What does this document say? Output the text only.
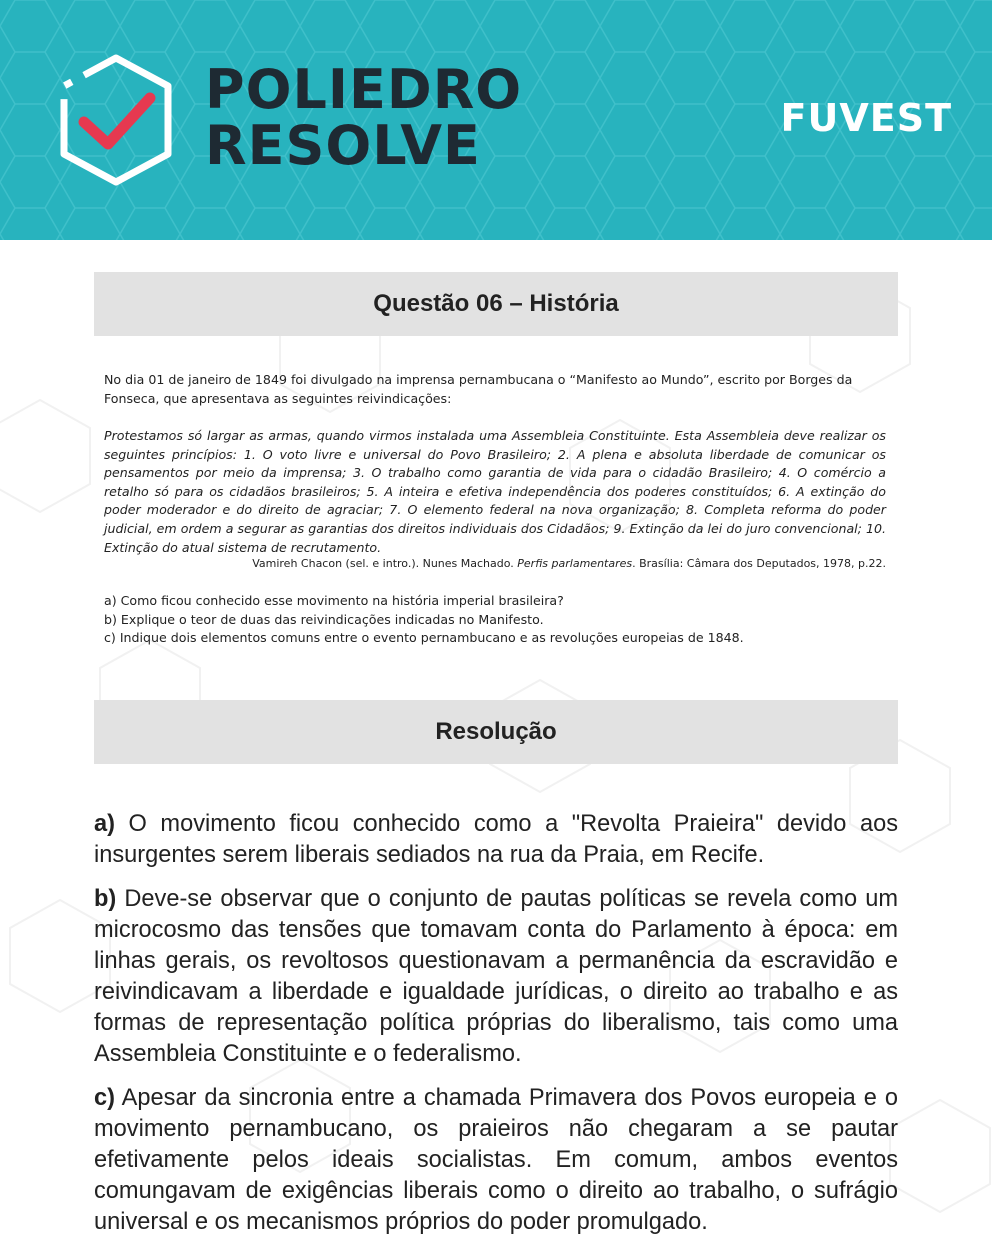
POLIEDRO
RESOLVE	FUVEST
Questão 06 – História
No dia 01 de janeiro de 1849 foi divulgado na imprensa pernambucana o “Manifesto ao Mundo”, escrito por Borges da Fonseca, que apresentava as seguintes reivindicações:
Protestamos só largar as armas, quando virmos instalada uma Assembleia Constituinte. Esta Assembleia deve realizar os seguintes princípios: 1. O voto livre e universal do Povo Brasileiro; 2. A plena e absoluta liberdade de comunicar os pensamentos por meio da imprensa; 3. O trabalho como garantia de vida para o cidadão Brasileiro; 4. O comércio a retalho só para os cidadãos brasileiros; 5. A inteira e efetiva independência dos poderes constituídos; 6. A extinção do poder moderador e do direito de agraciar; 7. O elemento federal na nova organização; 8. Completa reforma do poder judicial, em ordem a segurar as garantias dos direitos individuais dos Cidadãos; 9. Extinção da lei do juro convencional; 10. Extinção do atual sistema de recrutamento.
Vamireh Chacon (sel. e intro.). Nunes Machado. Perfis parlamentares. Brasília: Câmara dos Deputados, 1978, p.22.
a) Como ficou conhecido esse movimento na história imperial brasileira?
b) Explique o teor de duas das reivindicações indicadas no Manifesto.
c) Indique dois elementos comuns entre o evento pernambucano e as revoluções europeias de 1848.
Resolução
a) O movimento ficou conhecido como a "Revolta Praieira" devido aos insurgentes serem liberais sediados na rua da Praia, em Recife.
b) Deve-se observar que o conjunto de pautas políticas se revela como um microcosmo das tensões que tomavam conta do Parlamento à época: em linhas gerais, os revoltosos questionavam a permanência da escravidão e reivindicavam a liberdade e igualdade jurídicas, o direito ao trabalho e as formas de representação política próprias do liberalismo, tais como uma Assembleia Constituinte e o federalismo.
c) Apesar da sincronia entre a chamada Primavera dos Povos europeia e o movimento pernambucano, os praieiros não chegaram a se pautar efetivamente pelos ideais socialistas. Em comum, ambos eventos comungavam de exigências liberais como o direito ao trabalho, o sufrágio universal e os mecanismos próprios do poder promulgado.
